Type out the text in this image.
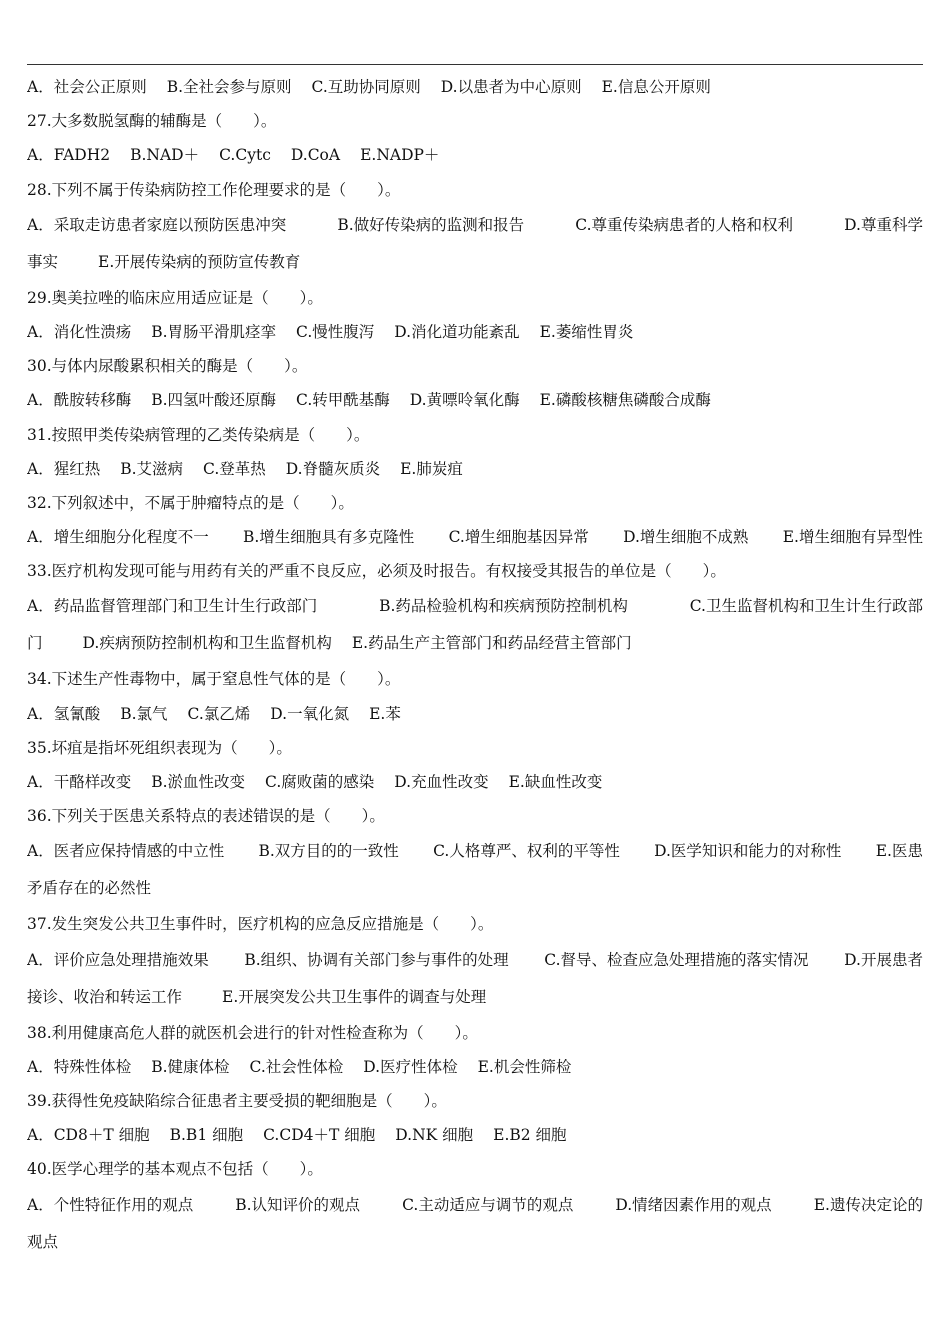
A．社会公正原则 B.全社会参与原则 C.互助协同原则 D.以患者为中心原则 E.信息公开原则
27.大多数脱氢酶的辅酶是（　　）。
A．FADH2 B.NAD＋ C.Cytc D.CoA E.NADP＋
28.下列不属于传染病防控工作伦理要求的是（　　）。
A．采取走访患者家庭以预防医患冲突	B.做好传染病的监测和报告	C.尊重传染病患者的人格和权利	D.尊重科学
事实	E.开展传染病的预防宣传教育
29.奥美拉唑的临床应用适应证是（　　）。
A．消化性溃疡 B.胃肠平滑肌痉挛 C.慢性腹泻 D.消化道功能紊乱 E.萎缩性胃炎
30.与体内尿酸累积相关的酶是（　　）。
A．酰胺转移酶 B.四氢叶酸还原酶 C.转甲酰基酶 D.黄嘌呤氧化酶 E.磷酸核糖焦磷酸合成酶
31.按照甲类传染病管理的乙类传染病是（　　）。
A．猩红热 B.艾滋病 C.登革热 D.脊髓灰质炎 E.肺炭疽
32.下列叙述中，不属于肿瘤特点的是（　　）。
A．增生细胞分化程度不一 B.增生细胞具有多克隆性 C.增生细胞基因异常 D.增生细胞不成熟 E.增生细胞有异型性
33.医疗机构发现可能与用药有关的严重不良反应，必须及时报告。有权接受其报告的单位是（　　）。
A．药品监督管理部门和卫生计生行政部门	B.药品检验机构和疾病预防控制机构	C.卫生监督机构和卫生计生行政部
门	D.疾病预防控制机构和卫生监督机构 E.药品生产主管部门和药品经营主管部门
34.下述生产性毒物中，属于窒息性气体的是（　　）。
A．氢氰酸 B.氯气 C.氯乙烯 D.一氧化氮 E.苯
35.坏疽是指坏死组织表现为（　　）。
A．干酪样改变 B.淤血性改变 C.腐败菌的感染 D.充血性改变 E.缺血性改变
36.下列关于医患关系特点的表述错误的是（　　）。
A．医者应保持情感的中立性 B.双方目的的一致性 C.人格尊严、权利的平等性 D.医学知识和能力的对称性 E.医患
矛盾存在的必然性
37.发生突发公共卫生事件时，医疗机构的应急反应措施是（　　）。
A．评价应急处理措施效果 B.组织、协调有关部门参与事件的处理 C.督导、检查应急处理措施的落实情况 D.开展患者
接诊、收治和转运工作	E.开展突发公共卫生事件的调查与处理
38.利用健康高危人群的就医机会进行的针对性检查称为（　　）。
A．特殊性体检 B.健康体检 C.社会性体检 D.医疗性体检 E.机会性筛检
39.获得性免疫缺陷综合征患者主要受损的靶细胞是（　　）。
A．CD8＋T 细胞 B.B1 细胞 C.CD4＋T 细胞 D.NK 细胞 E.B2 细胞
40.医学心理学的基本观点不包括（　　）。
A．个性特征作用的观点	B.认知评价的观点	C.主动适应与调节的观点	D.情绪因素作用的观点	E.遗传决定论的
观点
